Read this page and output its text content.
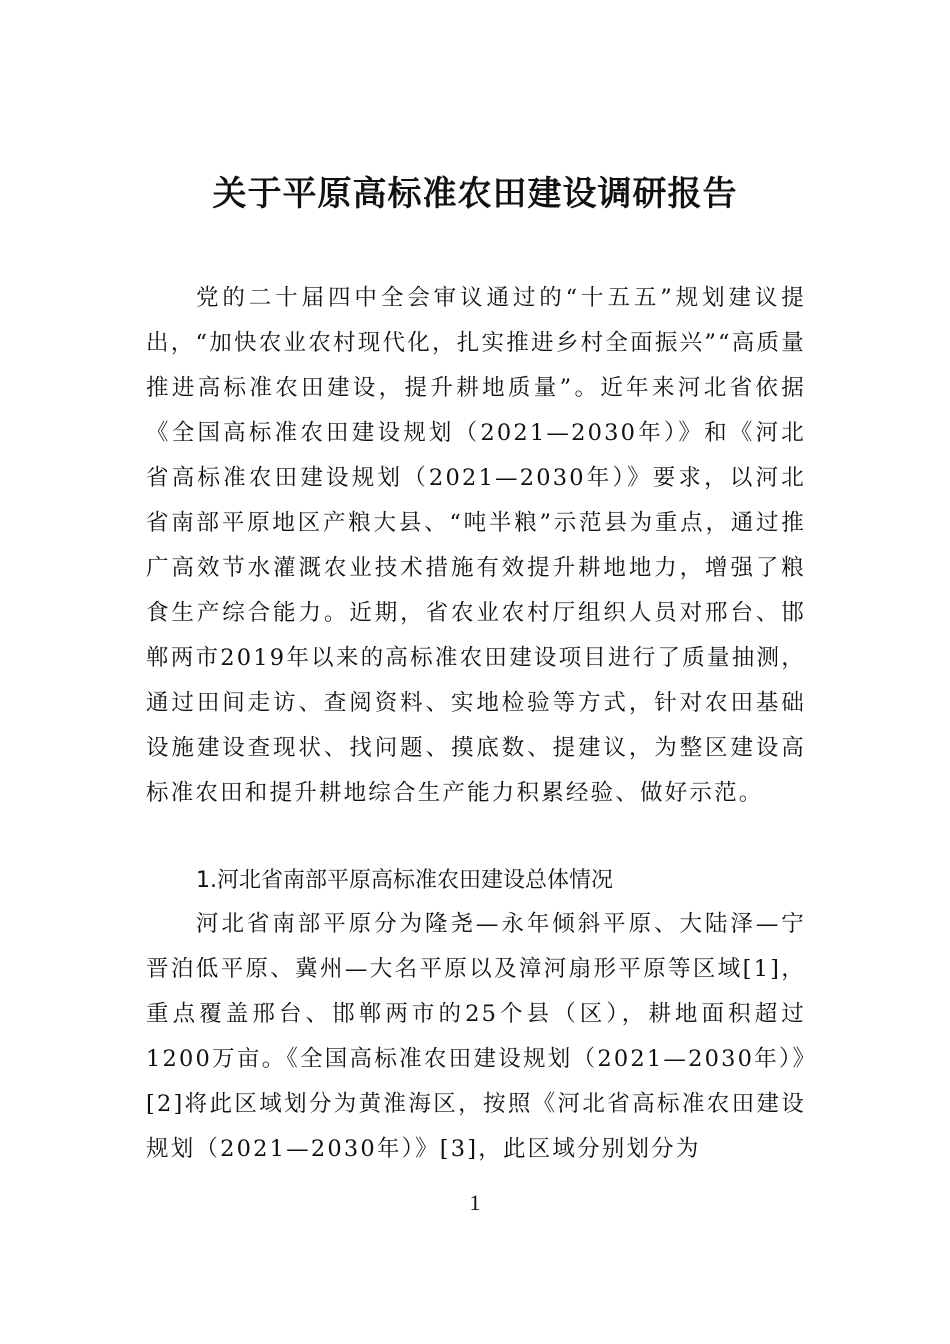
关于平原高标准农田建设调研报告

党的二十届四中全会审议通过的“十五五”规划建议提出，“加快农业农村现代化，扎实推进乡村全面振兴”“高质量推进高标准农田建设，提升耕地质量”。近年来河北省依据《全国高标准农田建设规划（2021—2030年）》和《河北省高标准农田建设规划（2021—2030年）》要求，以河北省南部平原地区产粮大县、“吨半粮”示范县为重点，通过推广高效节水灌溉农业技术措施有效提升耕地地力，增强了粮食生产综合能力。近期，省农业农村厅组织人员对邢台、邯郸两市2019年以来的高标准农田建设项目进行了质量抽测，通过田间走访、查阅资料、实地检验等方式，针对农田基础设施建设查现状、找问题、摸底数、提建议，为整区建设高标准农田和提升耕地综合生产能力积累经验、做好示范。

1.河北省南部平原高标准农田建设总体情况

河北省南部平原分为隆尧—永年倾斜平原、大陆泽—宁晋泊低平原、冀州—大名平原以及漳河扇形平原等区域[1]，重点覆盖邢台、邯郸两市的25个县（区），耕地面积超过1200万亩。《全国高标准农田建设规划（2021—2030年）》[2]将此区域划分为黄淮海区，按照《河北省高标准农田建设规划（2021—2030年）》[3]，此区域分别划分为

1
